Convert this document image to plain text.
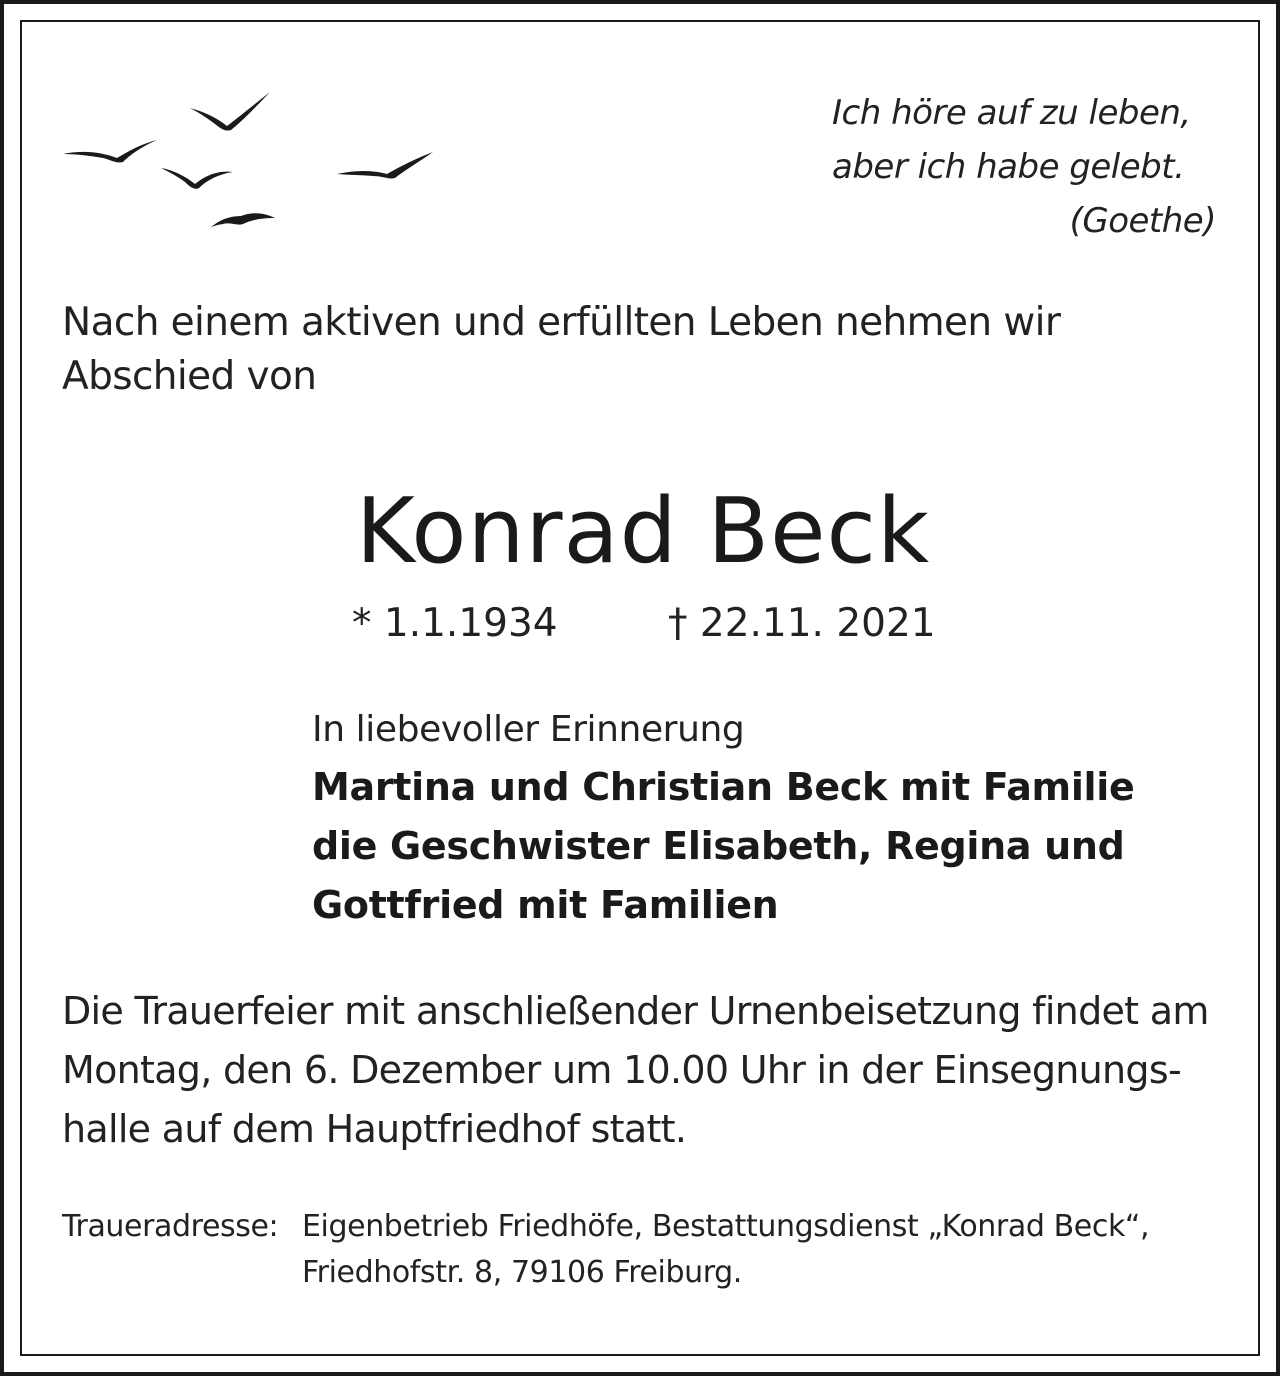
Ich höre auf zu leben,
aber ich habe gelebt.
(Goethe)
Nach einem aktiven und erfüllten Leben nehmen wir Abschied von
Konrad Beck
* 1.1.1934	† 22.11. 2021
In liebevoller Erinnerung
Martina und Christian Beck mit Familie
die Geschwister Elisabeth, Regina und
Gottfried mit Familien
Die Trauerfeier mit anschließender Urnenbeisetzung findet am
Montag, den 6. Dezember um 10.00 Uhr in der Einsegnungs-
halle auf dem Hauptfriedhof statt.
Traueradresse: Eigenbetrieb Friedhöfe, Bestattungsdienst „Konrad Beck“,
Friedhofstr. 8, 79106 Freiburg.
